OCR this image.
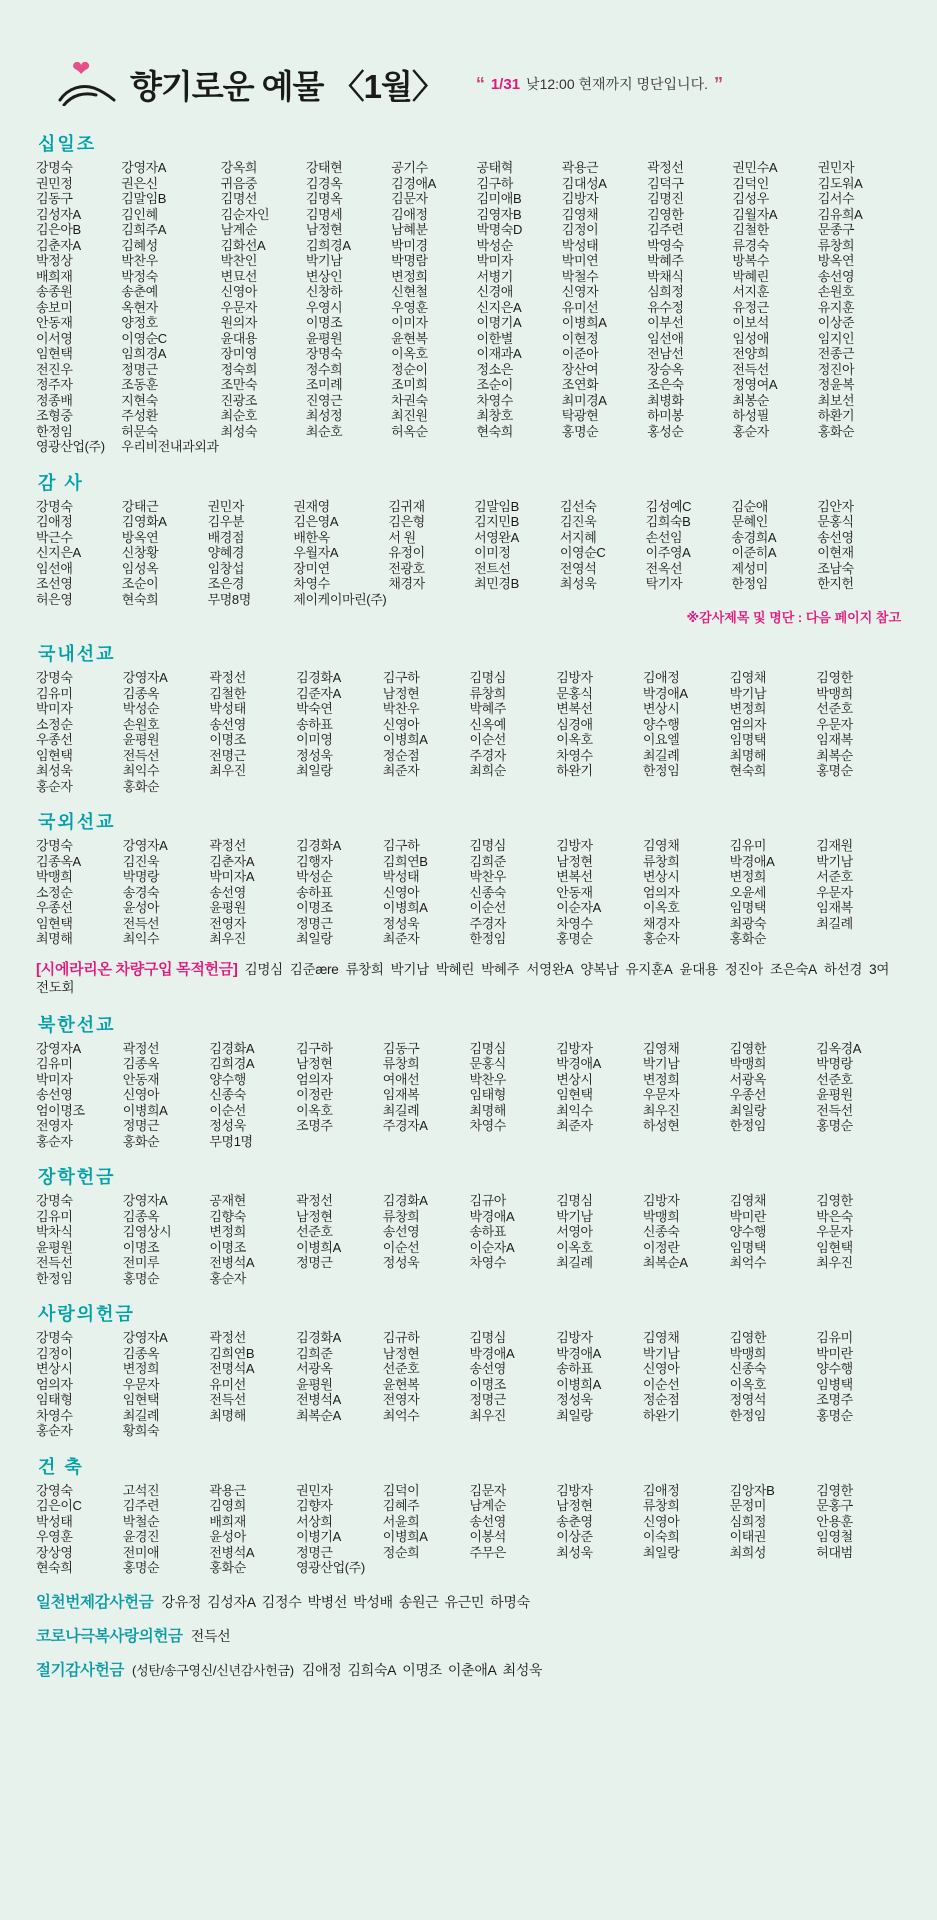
❤ 향기로운 예물 〈1월〉 “ 1/31 낮12:00 현재까지 명단입니다. ”
십일조
강명숙	강영자A	강옥희	강태현	공기수	공태혁	곽용근	곽정선	권민수A	권민자
권민정	권은신	귀음중	김경옥	김경애A	김구하	김대성A	김덕구	김덕인	김도워A
김동구	김말임B	김명선	김명옥	김문자	김미애B	김방자	김명진	김성우	김서수
김성자A	김인혜	김순자인	김명세	김애정	김영자B	김영채	김영한	김월자A	김유희A
김은아B	김희주A	남계순	남정현	남혜분	박명숙D	김정이	김주련	김철한	문종구
김춘자A	김혜성	김화선A	김희경A	박미경	박성순	박성태	박영숙	류경숙	류창희
박정상	박찬우	박찬인	박기남	박명람	박미자	박미연	박혜주	방복수	방옥연
배희재	박정숙	변묘선	변상인	변정희	서병기	박철수	박채식	박혜린	송선영
송종원	송춘예	신영아	신창하	신현철	신경애	신영자	심희정	서지훈	손원호
송보미	옥현자	우문자	우영시	우영훈	신지은A	유미선	유수정	유정근	유지훈
안동재	양정호	원의자	이명조	이미자	이명기A	이병희A	이부선	이보석	이상준
이서영	이영순C	윤대용	윤평원	윤현복	이한별	이현정	임선애	임성애	임지인
임현택	임희경A	장미영	장명숙	이옥호	이재과A	이준아	전남선	전양희	전종근
전진우	정명근	정숙희	정수희	정순이	정소은	장산여	장승옥	전득선	정진아
정주자	조동훈	조만숙	조미례	조미희	조순이	조연화	조은숙	정영여A	정윤복
정종배	지현숙	진광조	진영근	차권숙	차영수	최미경A	최병화	최봉순	최보선
조형중	주성환	최순호	최성정	최진원	최창호	탁광현	하미봉	하성필	하환기
한정임	허문숙	최성숙	최순호	허옥순	현숙희	홍명순	홍성순	홍순자	홍화순
영광산업(주)	우리비전내과외과
감 사
강명숙	강태근	권민자	권재영	김귀재	김말임B	김선숙	김성예C	김순애	김안자
김애정	김영화A	김우분	김은영A	김은형	김지민B	김진욱	김희숙B	문혜인	문홍식
박근수	방옥연	배경점	배한옥	서 원	서영완A	서지혜	손선임	송경희A	송선영
신지은A	신창황	양혜경	우월자A	유정이	이미정	이영순C	이주영A	이준히A	이현재
임선애	임성옥	임창섭	장미연	전광호	전트선	전영석	전옥선	제성미	조남숙
조선영	조순이	조은경	차영수	채경자	최민경B	최성욱	탁기자	한정임	한지헌
허은영	현숙희	무명8명	제이케이마린(주)
※감사제목 및 명단 : 다음 페이지 참고
국내선교
강명숙	강영자A	곽정선	김경화A	김구하	김명심	김방자	김애정	김영채	김영한
김유미	김종옥	김철한	김준자A	남정현	류창희	문홍식	박경애A	박기남	박맹희
박미자	박성순	박성태	박숙연	박찬우	박혜주	변복선	변상시	변정희	선준호
소정순	손원호	송선영	송하표	신영아	신옥예	심경애	양수행	엄의자	우문자
우종선	윤평원	이명조	이미영	이병희A	이순선	이옥호	이요엘	임명택	임재복
임현택	전득선	전명근	정성욱	정순점	주경자	차영수	최길례	최명해	최복순
최성욱	최익수	최우진	최일랑	최준자	최희순	하완기	한정임	현숙희	홍명순
홍순자	홍화순
국외선교
강명숙	강영자A	곽정선	김경화A	김구하	김명심	김방자	김영채	김유미	김재원
김종옥A	김진욱	김춘자A	김행자	김희연B	김희준	남정현	류창희	박경애A	박기남
박맹희	박명랑	박미자A	박성순	박성태	박찬우	변복선	변상시	변정희	서준호
소정순	송경숙	송선영	송하표	신영아	신종숙	안동재	엄의자	오윤세	우문자
우종선	윤성아	윤평원	이명조	이병희A	이순선	이순자A	이옥호	임명택	임재복
임현택	전득선	전영자	정명근	정성욱	주경자	차영수	채경자	최광숙	최길례
최명해	최익수	최우진	최일랑	최준자	한정임	홍명순	홍순자	홍화순
[시에라리온 차량구입 목적헌금] 김명심 김준ære 류창희 박기남 박혜린 박혜주 서영완A 양복남 유지훈A 윤대용 정진아 조은숙A 하선경 3여전도회
북한선교
강영자A	곽정선	김경화A	김구하	김동구	김명심	김방자	김영채	김영한	김옥경A
김유미	김종옥	김희경A	남정현	류창희	문홍식	박경애A	박기남	박맹희	박명랑
박미자	안동재	양수행	엄의자	여애선	박찬우	변상시	변정희	서광옥	선준호
송선영	신영아	신종숙	이정란	임재복	임태형	임현택	우문자	우종선	윤평원
엄이명조	이병희A	이순선	이옥호	최길례	최명해	최익수	최우진	최일랑	전득선
전영자	정명근	정성욱	조명주	주경자A	차영수	최준자	하성현	한정임	홍명순
홍순자	홍화순	무명1명
장학헌금
강명숙	강영자A	공재현	곽정선	김경화A	김규아	김명심	김방자	김영채	김영한
김유미	김종옥	김향숙	남정현	류창희	박경애A	박기남	박맹희	박미란	박은숙
박차식	김영상시	변정희	선준호	송선영	송하표	서영아	신종숙	양수행	우문자
윤평원	이명조	이명조	이병희A	이순선	이순자A	이옥호	이정란	임명택	임현택
전득선	전미루	전병석A	정명근	정성욱	차영수	최길례	최복순A	최억수	최우진
한정임	홍명순	홍순자
사랑의헌금
강명숙	강영자A	곽정선	김경화A	김규하	김명심	김방자	김영채	김영한	김유미
김정이	김종옥	김희연B	김희준	남정현	박경애A	박경애A	박기남	박맹희	박미란
변상시	변정희	전명석A	서광옥	선준호	송선영	송하표	신영아	신종숙	양수행
엄의자	우문자	유미선	윤평원	윤현복	이명조	이병희A	이순선	이옥호	임병택
임태형	임현택	전득선	전병석A	전영자	정명근	정성욱	정순점	정영석	조명주
차영수	최길례	최명해	최복순A	최억수	최우진	최일랑	하완기	한정임	홍명순
홍순자	황희숙
건 축
강영숙	고석진	곽용근	권민자	김덕이	김문자	김방자	김애정	김앙자B	김영한
김은이C	김주련	김영희	김향자	김혜주	남계순	남정현	류창희	문정미	문홍구
박성태	박철순	배희재	서상희	서윤희	송선영	송춘영	신영아	심희정	안용훈
우영훈	윤경진	윤성아	이병기A	이병희A	이봉석	이상준	이숙희	이태권	임영철
장상영	전미애	전병석A	정명근	정순희	주무은	최성욱	최일랑	최희성	허대범
현숙희	홍명순	홍화순	영광산업(주)
일천번제감사헌금 강유정 김성자A 김정수 박병선 박성배 송원근 유근민 하명숙
코로나극복사랑의헌금 전득선
절기감사헌금 (성탄/송구영신/신년감사헌금) 김애정 김희숙A 이명조 이춘애A 최성욱
